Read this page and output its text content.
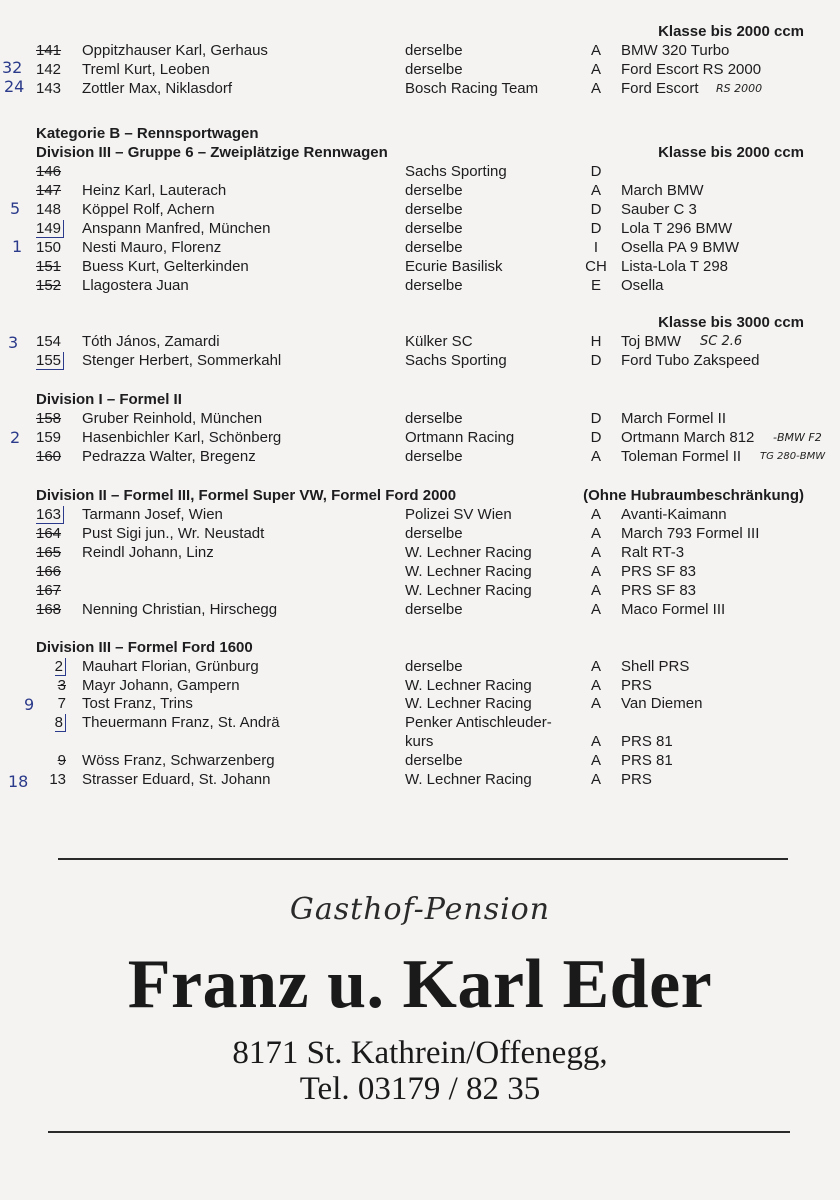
Klasse bis 2000 ccm
141	Oppitzhauser Karl, Gerhaus	derselbe	A	BMW 320 Turbo
32 142	Treml Kurt, Leoben	derselbe	A	Ford Escort RS 2000
24 143	Zottler Max, Niklasdorf	Bosch Racing Team	A	Ford Escort RS 2000
Kategorie B – Rennsportwagen
Division III – Gruppe 6 – Zweiplätzige Rennwagen	Klasse bis 2000 ccm
146	Sachs Sporting	D
147	Heinz Karl, Lauterach	derselbe	A	March BMW
5 148	Köppel Rolf, Achern	derselbe	D	Sauber C 3
149	Anspann Manfred, München	derselbe	D	Lola T 296 BMW
1 150	Nesti Mauro, Florenz	derselbe	I	Osella PA 9 BMW
151	Buess Kurt, Gelterkinden	Ecurie Basilisk	CH Lista-Lola T 298
152	Llagostera Juan	derselbe	E	Osella
Klasse bis 3000 ccm
3 154	Tóth János, Zamardi	Külker SC	H	Toj BMW SC 2.6
155	Stenger Herbert, Sommerkahl	Sachs Sporting	D	Ford Tubo Zakspeed
Division I – Formel II
158	Gruber Reinhold, München	derselbe	D	March Formel II
2 159	Hasenbichler Karl, Schönberg	Ortmann Racing	D	Ortmann March 812 -BMW F2
160	Pedrazza Walter, Bregenz	derselbe	A	Toleman Formel II TG 280-BMW
Division II – Formel III, Formel Super VW, Formel Ford 2000	(Ohne Hubraumbeschränkung)
163	Tarmann Josef, Wien	Polizei SV Wien	A	Avanti-Kaimann
164	Pust Sigi jun., Wr. Neustadt	derselbe	A	March 793 Formel III
165	Reindl Johann, Linz	W. Lechner Racing	A	Ralt RT-3
166	W. Lechner Racing	A	PRS SF 83
167	W. Lechner Racing	A	PRS SF 83
168	Nenning Christian, Hirschegg	derselbe	A	Maco Formel III
Division III – Formel Ford 1600
2 Mauhart Florian, Grünburg	derselbe	A	Shell PRS
3 Mayr Johann, Gampern	W. Lechner Racing	A	PRS
9	7 Tost Franz, Trins	W. Lechner Racing	A	Van Diemen
8 Theuermann Franz, St. Andrä	Penker Antischleuder-
kurs	A	PRS 81
9 Wöss Franz, Schwarzenberg	derselbe	A	PRS 81
18	13 Strasser Eduard, St. Johann	W. Lechner Racing	A	PRS
Gasthof-Pension
Franz u. Karl Eder
8171 St. Kathrein/Offenegg,
Tel. 03179 / 82 35
